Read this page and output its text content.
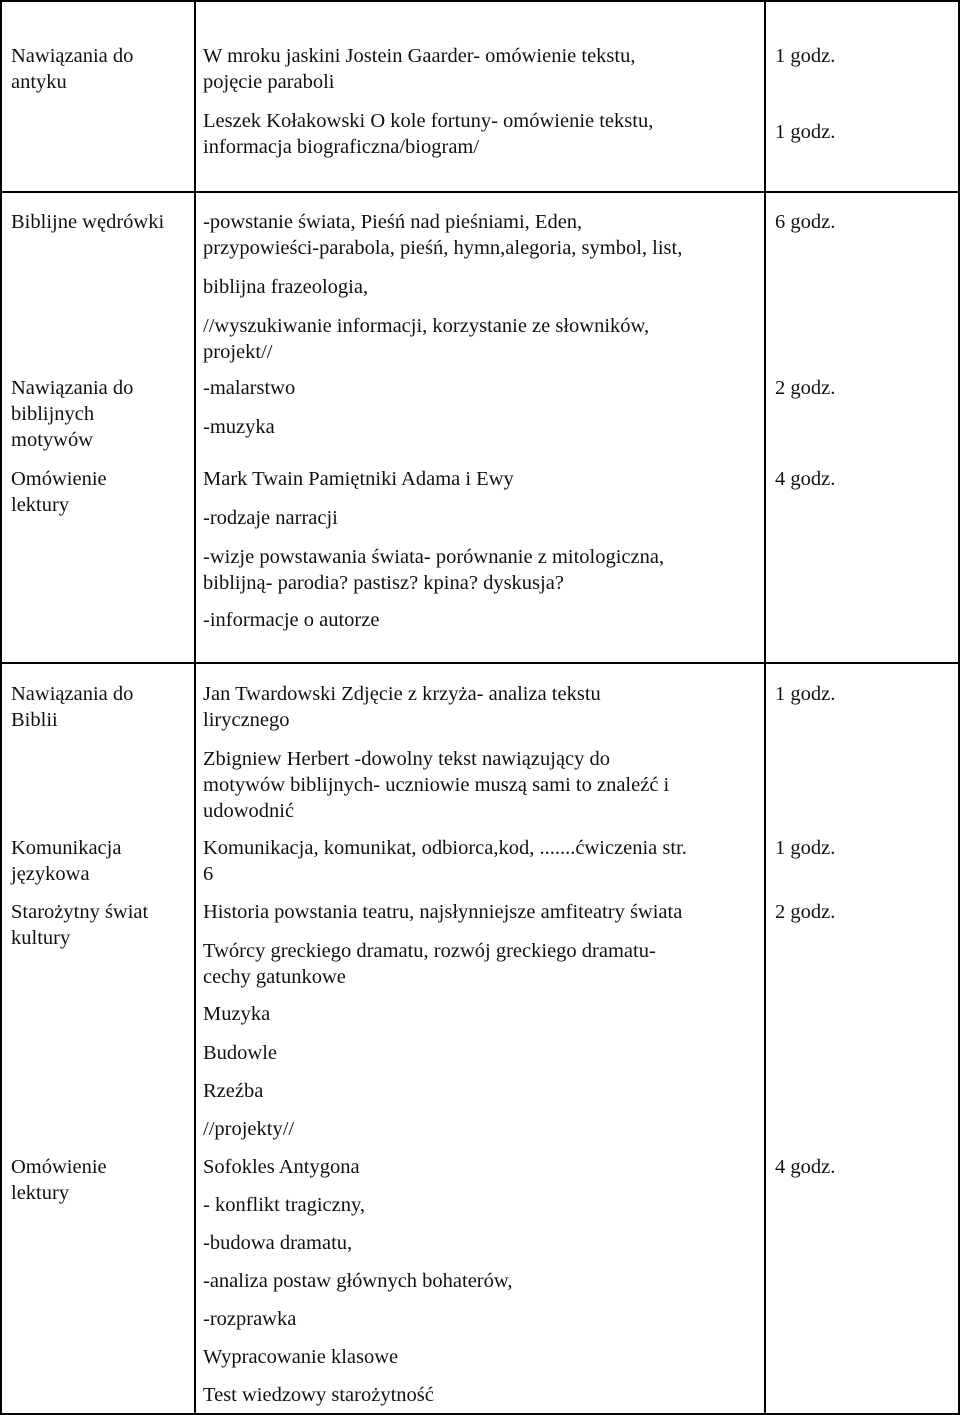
Nawiązania do
antyku
W mroku jaskini Jostein Gaarder- omówienie tekstu,
pojęcie paraboli
Leszek Kołakowski O kole fortuny- omówienie tekstu,
informacja biograficzna/biogram/
1 godz.
1 godz.
Biblijne wędrówki -powstanie świata, Pieśń nad pieśniami, Eden,
przypowieści-parabola, pieśń, hymn,alegoria, symbol, list,
biblijna frazeologia,
//wyszukiwanie informacji, korzystanie ze słowników,
projekt//
6 godz.
Nawiązania do
biblijnych
motywów
-malarstwo
-muzyka
2 godz.
Omówienie
lektury
Mark Twain Pamiętniki Adama i Ewy
-rodzaje narracji
-wizje powstawania świata- porównanie z mitologiczna,
biblijną- parodia? pastisz? kpina? dyskusja?
-informacje o autorze
4 godz.
Nawiązania do
Biblii
Jan Twardowski Zdjęcie z krzyża- analiza tekstu
lirycznego
Zbigniew Herbert -dowolny tekst nawiązujący do
motywów biblijnych- uczniowie muszą sami to znaleźć i
udowodnić
1 godz.
Komunikacja
językowa
Komunikacja, komunikat, odbiorca,kod, .......ćwiczenia str.
6
1 godz.
Starożytny świat
kultury
Historia powstania teatru, najsłynniejsze amfiteatry świata
Twórcy greckiego dramatu, rozwój greckiego dramatu-
cechy gatunkowe
Muzyka
Budowle
Rzeźba
//projekty//
2 godz.
Omówienie
lektury
Sofokles Antygona
- konflikt tragiczny,
-budowa dramatu,
-analiza postaw głównych bohaterów,
-rozprawka
Wypracowanie klasowe
Test wiedzowy starożytność
4 godz.
